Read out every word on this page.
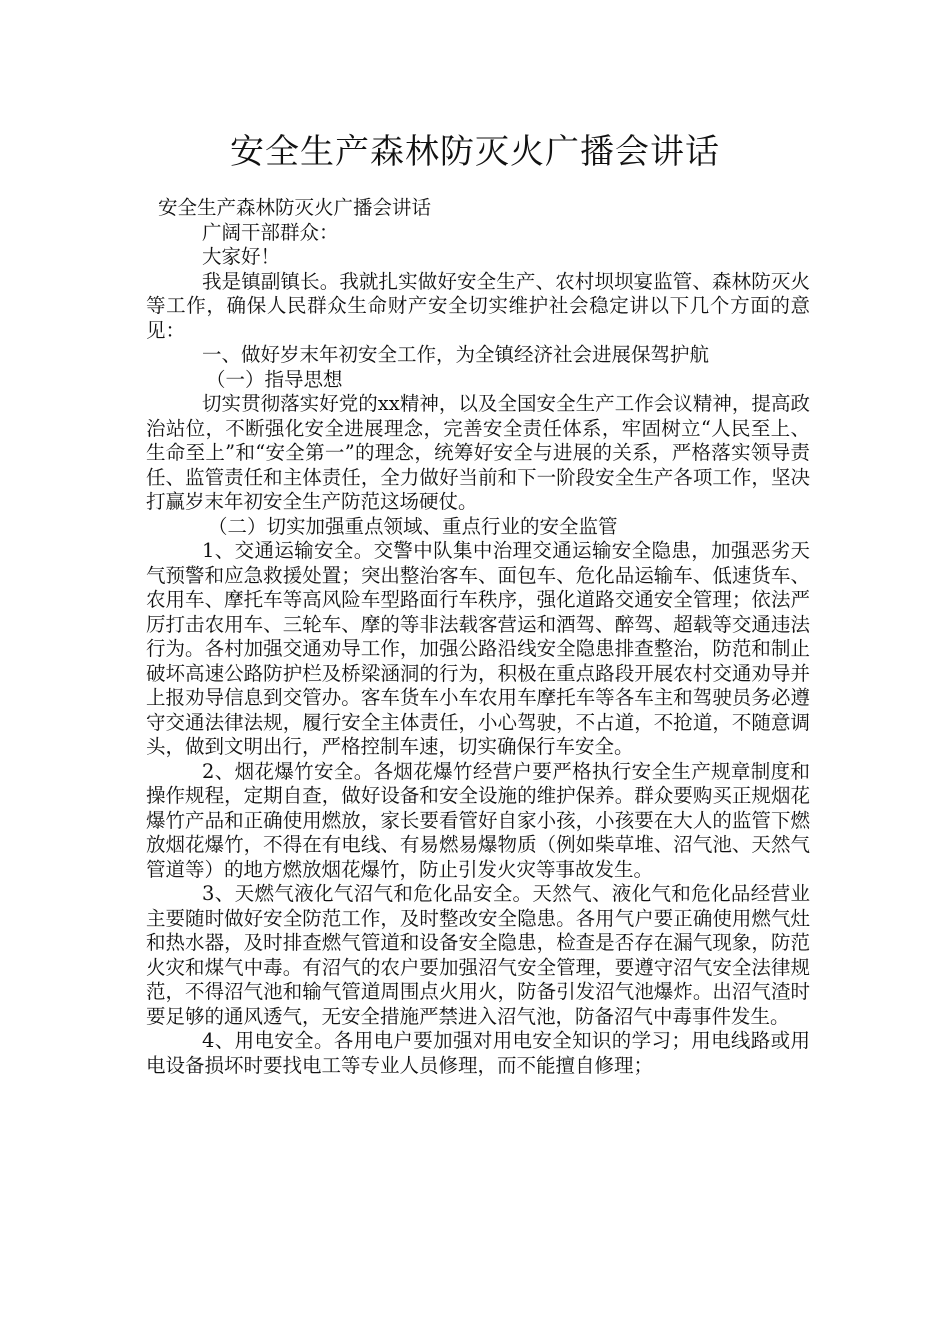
安全生产森林防灭火广播会讲话

安全生产森林防灭火广播会讲话

广阔干部群众：

大家好！

我是镇副镇长。我就扎实做好安全生产、农村坝坝宴监管、森林防灭火等工作，确保人民群众生命财产安全切实维护社会稳定讲以下几个方面的意见：

一、做好岁末年初安全工作，为全镇经济社会进展保驾护航

（一）指导思想

切实贯彻落实好党的xx精神，以及全国安全生产工作会议精神，提高政治站位，不断强化安全进展理念，完善安全责任体系，牢固树立“人民至上、生命至上”和“安全第一”的理念，统筹好安全与进展的关系，严格落实领导责任、监管责任和主体责任，全力做好当前和下一阶段安全生产各项工作，坚决打赢岁末年初安全生产防范这场硬仗。

（二）切实加强重点领域、重点行业的安全监管

1、交通运输安全。交警中队集中治理交通运输安全隐患，加强恶劣天气预警和应急救援处置；突出整治客车、面包车、危化品运输车、低速货车、农用车、摩托车等高风险车型路面行车秩序，强化道路交通安全管理；依法严厉打击农用车、三轮车、摩的等非法载客营运和酒驾、醉驾、超载等交通违法行为。各村加强交通劝导工作，加强公路沿线安全隐患排查整治，防范和制止破坏高速公路防护栏及桥梁涵洞的行为，积极在重点路段开展农村交通劝导并上报劝导信息到交管办。客车货车小车农用车摩托车等各车主和驾驶员务必遵守交通法律法规，履行安全主体责任，小心驾驶，不占道，不抢道，不随意调头，做到文明出行，严格控制车速，切实确保行车安全。

2、烟花爆竹安全。各烟花爆竹经营户要严格执行安全生产规章制度和操作规程，定期自查，做好设备和安全设施的维护保养。群众要购买正规烟花爆竹产品和正确使用燃放，家长要看管好自家小孩，小孩要在大人的监管下燃放烟花爆竹，不得在有电线、有易燃易爆物质（例如柴草堆、沼气池、天然气管道等）的地方燃放烟花爆竹，防止引发火灾等事故发生。

3、天燃气液化气沼气和危化品安全。天然气、液化气和危化品经营业主要随时做好安全防范工作，及时整改安全隐患。各用气户要正确使用燃气灶和热水器，及时排查燃气管道和设备安全隐患，检查是否存在漏气现象，防范火灾和煤气中毒。有沼气的农户要加强沼气安全管理，要遵守沼气安全法律规范，不得沼气池和输气管道周围点火用火，防备引发沼气池爆炸。出沼气渣时要足够的通风透气，无安全措施严禁进入沼气池，防备沼气中毒事件发生。

4、用电安全。各用电户要加强对用电安全知识的学习；用电线路或用电设备损坏时要找电工等专业人员修理，而不能擅自修理；
